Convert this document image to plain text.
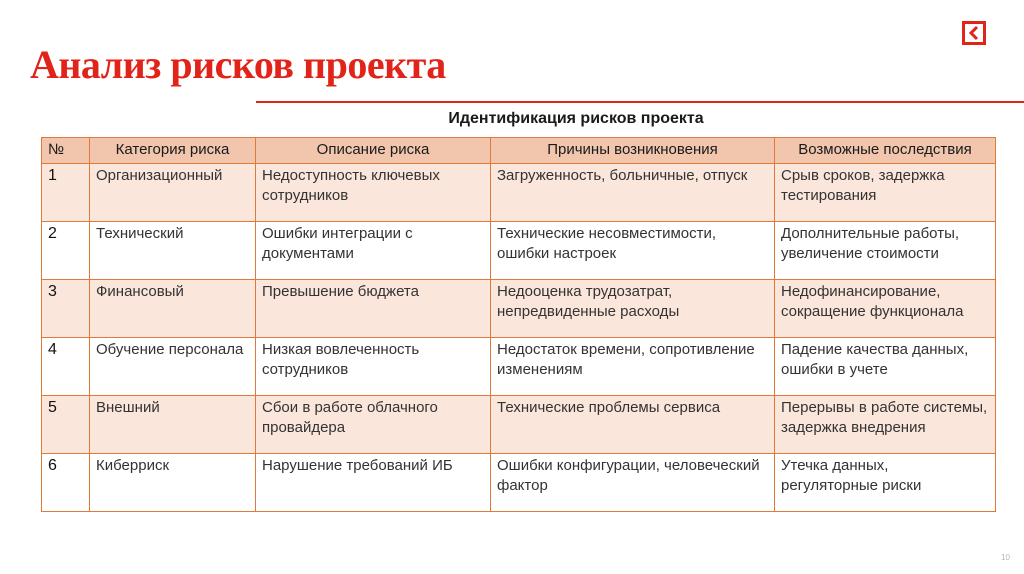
Анализ рисков проекта
Идентификация рисков проекта
№	Категория риска	Описание риска	Причины возникновения	Возможные последствия
1	Организационный	Недоступность ключевых сотрудников	Загруженность, больничные, отпуск	Срыв сроков, задержка тестирования
2	Технический	Ошибки интеграции с документами	Технические несовместимости, ошибки настроек	Дополнительные работы, увеличение стоимости
3	Финансовый	Превышение бюджета	Недооценка трудозатрат, непредвиденные расходы	Недофинансирование, сокращение функционала
4	Обучение персонала	Низкая вовлеченность сотрудников	Недостаток времени, сопротивление изменениям	Падение качества данных, ошибки в учете
5	Внешний	Сбои в работе облачного провайдера	Технические проблемы сервиса	Перерывы в работе системы, задержка внедрения
6	Киберриск	Нарушение требований ИБ	Ошибки конфигурации, человеческий фактор	Утечка данных, регуляторные риски
10
